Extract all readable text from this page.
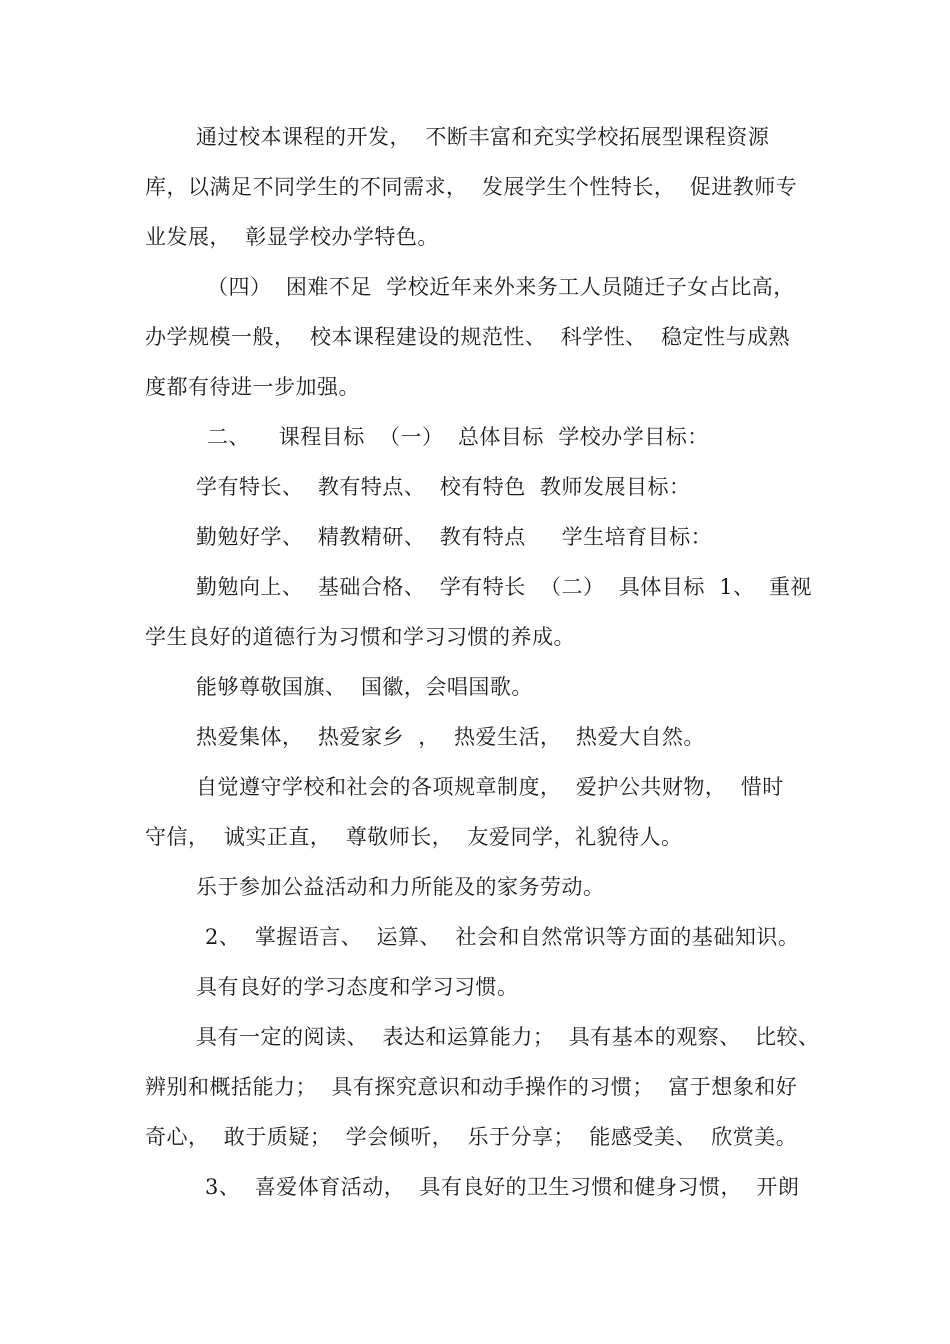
通过校本课程的开发，  不断丰富和充实学校拓展型课程资源
库，以满足不同学生的不同需求，  发展学生个性特长，  促进教师专
业发展，  彰显学校办学特色。
（四）  困难不足  学校近年来外来务工人员随迁子女占比高，
办学规模一般，  校本课程建设的规范性、  科学性、  稳定性与成熟
度都有待进一步加强。
二、    课程目标  （一）  总体目标  学校办学目标：
学有特长、  教有特点、  校有特色  教师发展目标：
勤勉好学、  精教精研、  教有特点     学生培育目标：
勤勉向上、  基础合格、  学有特长  （二）  具体目标  1、  重视
学生良好的道德行为习惯和学习习惯的养成。
能够尊敬国旗、  国徽，会唱国歌。
热爱集体，  热爱家乡  ，  热爱生活，  热爱大自然。
自觉遵守学校和社会的各项规章制度，  爱护公共财物，  惜时
守信，  诚实正直，  尊敬师长，  友爱同学，礼貌待人。
乐于参加公益活动和力所能及的家务劳动。
2、  掌握语言、  运算、  社会和自然常识等方面的基础知识。
具有良好的学习态度和学习习惯。
具有一定的阅读、  表达和运算能力；  具有基本的观察、  比较、
辨别和概括能力；  具有探究意识和动手操作的习惯；  富于想象和好
奇心，  敢于质疑；  学会倾听，  乐于分享；  能感受美、  欣赏美。
3、  喜爱体育活动，  具有良好的卫生习惯和健身习惯，  开朗
